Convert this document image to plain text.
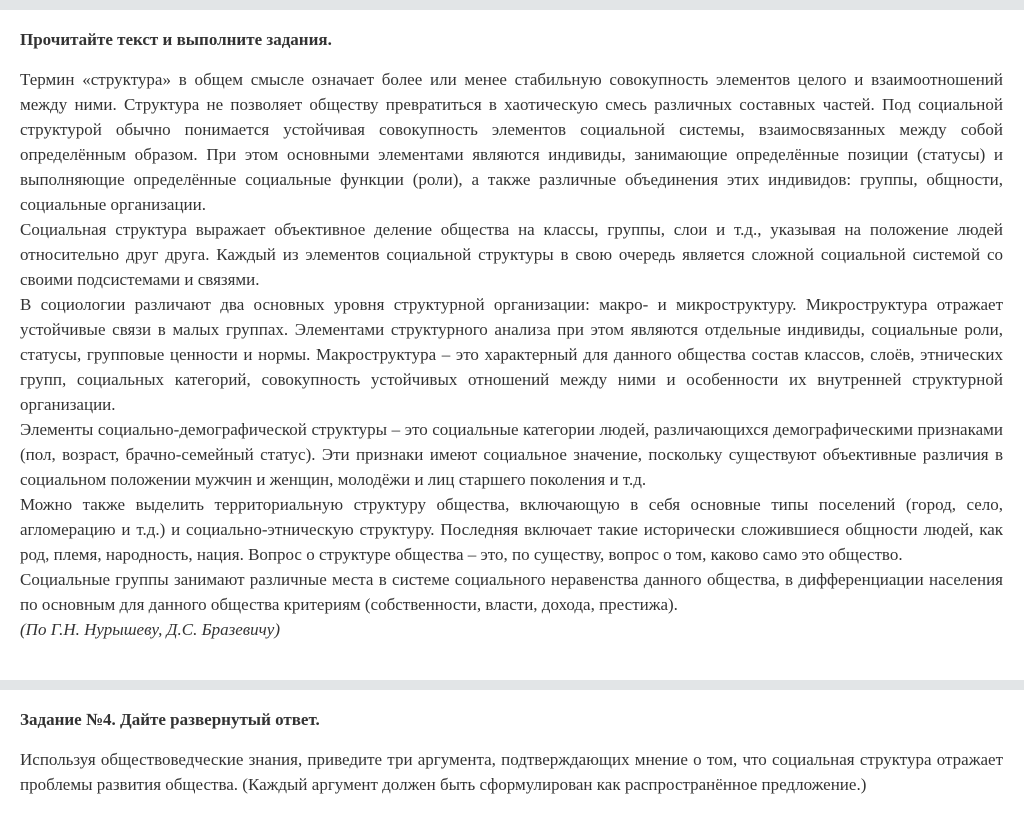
Прочитайте текст и выполните задания.

Термин «структура» в общем смысле означает более или менее стабильную совокупность элементов целого и взаимоотношений между ними. Структура не позволяет обществу превратиться в хаотическую смесь различных составных частей. Под социальной структурой обычно понимается устойчивая совокупность элементов социальной системы, взаимосвязанных между собой определённым образом. При этом основными элементами являются индивиды, занимающие определённые позиции (статусы) и выполняющие определённые социальные функции (роли), а также различные объединения этих индивидов: группы, общности, социальные организации.

Социальная структура выражает объективное деление общества на классы, группы, слои и т.д., указывая на положение людей относительно друг друга. Каждый из элементов социальной структуры в свою очередь является сложной социальной системой со своими подсистемами и связями.

В социологии различают два основных уровня структурной организации: макро- и микроструктуру. Микроструктура отражает устойчивые связи в малых группах. Элементами структурного анализа при этом являются отдельные индивиды, социальные роли, статусы, групповые ценности и нормы. Макроструктура – это характерный для данного общества состав классов, слоёв, этнических групп, социальных категорий, совокупность устойчивых отношений между ними и особенности их внутренней структурной организации.

Элементы социально-демографической структуры – это социальные категории людей, различающихся демографическими признаками (пол, возраст, брачно-семейный статус). Эти признаки имеют социальное значение, поскольку существуют объективные различия в социальном положении мужчин и женщин, молодёжи и лиц старшего поколения и т.д.

Можно также выделить территориальную структуру общества, включающую в себя основные типы поселений (город, село, агломерацию и т.д.) и социально-этническую структуру. Последняя включает такие исторически сложившиеся общности людей, как род, племя, народность, нация. Вопрос о структуре общества – это, по существу, вопрос о том, каково само это общество.

Социальные группы занимают различные места в системе социального неравенства данного общества, в дифференциации населения по основным для данного общества критериям (собственности, власти, дохода, престижа).

(По Г.Н. Нурышеву, Д.С. Бразевичу)
Задание №4. Дайте развернутый ответ.

Используя обществоведческие знания, приведите три аргумента, подтверждающих мнение о том, что социальная структура отражает проблемы развития общества. (Каждый аргумент должен быть сформулирован как распространённое предложение.)
